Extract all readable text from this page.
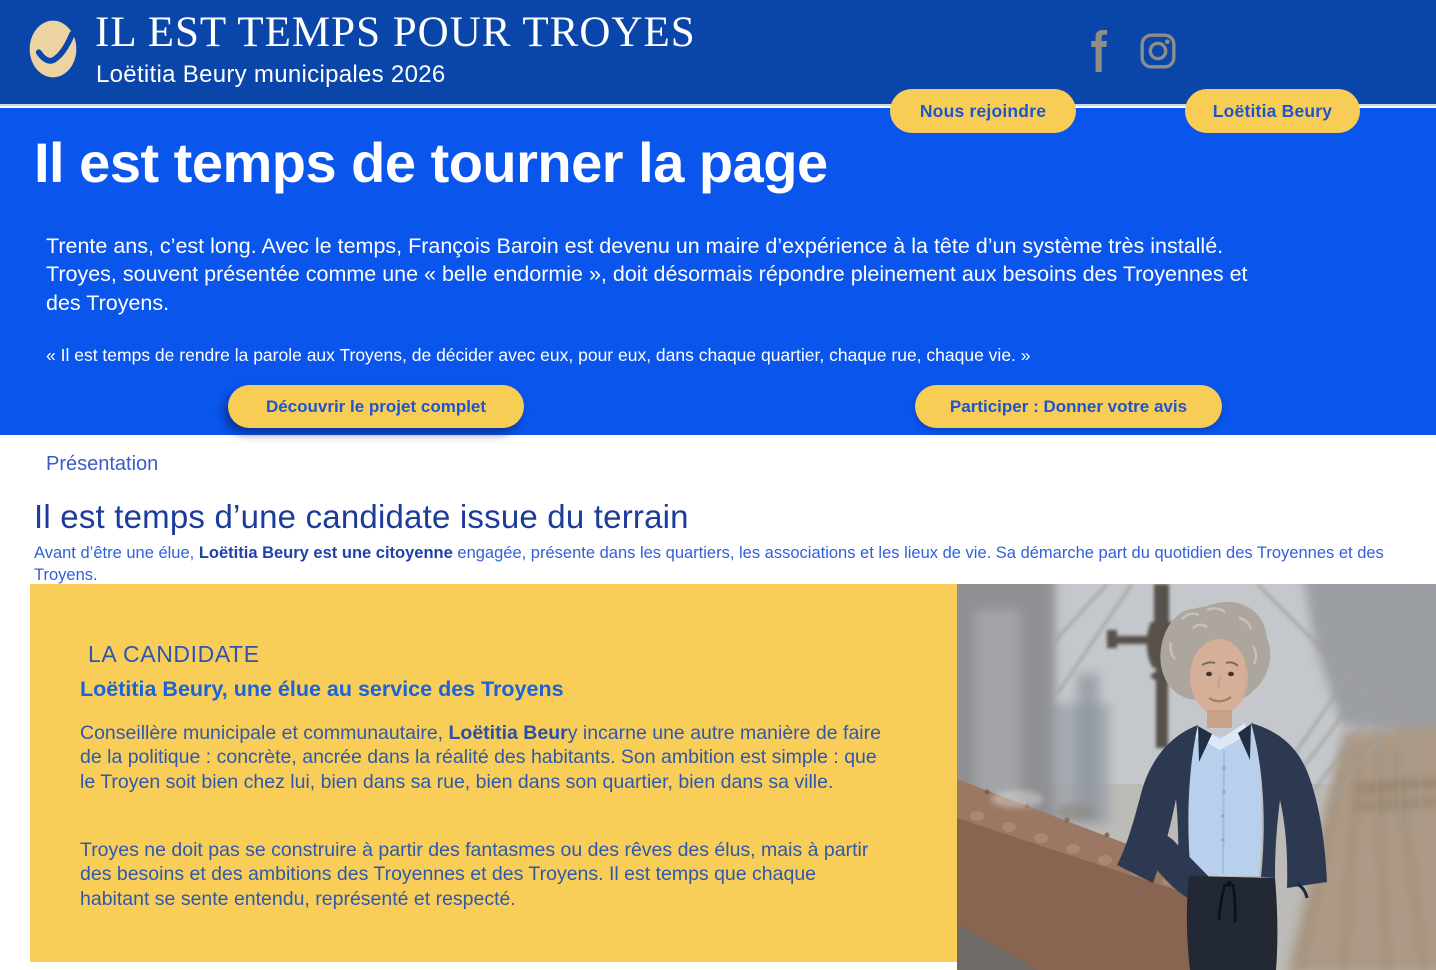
IL EST TEMPS POUR TROYES
Loëtitia Beury municipales 2026
Nous rejoindre	Loëtitia Beury
Il est temps de tourner la page

Trente ans, c’est long. Avec le temps, François Baroin est devenu un maire d’expérience à la tête d’un système très installé. Troyes, souvent présentée comme une « belle endormie », doit désormais répondre pleinement aux besoins des Troyennes et des Troyens.

« Il est temps de rendre la parole aux Troyens, de décider avec eux, pour eux, dans chaque quartier, chaque rue, chaque vie. »

Découvrir le projet complet	Participer : Donner votre avis
Présentation
Il est temps d’une candidate issue du terrain

Avant d’être une élue, Loëtitia Beury est une citoyenne engagée, présente dans les quartiers, les associations et les lieux de vie. Sa démarche part du quotidien des Troyennes et des Troyens.

LA CANDIDATE
Loëtitia Beury, une élue au service des Troyens

Conseillère municipale et communautaire, Loëtitia Beury incarne une autre manière de faire de la politique : concrète, ancrée dans la réalité des habitants. Son ambition est simple : que le Troyen soit bien chez lui, bien dans sa rue, bien dans son quartier, bien dans sa ville.

Troyes ne doit pas se construire à partir des fantasmes ou des rêves des élus, mais à partir des besoins et des ambitions des Troyennes et des Troyens. Il est temps que chaque habitant se sente entendu, représenté et respecté.
